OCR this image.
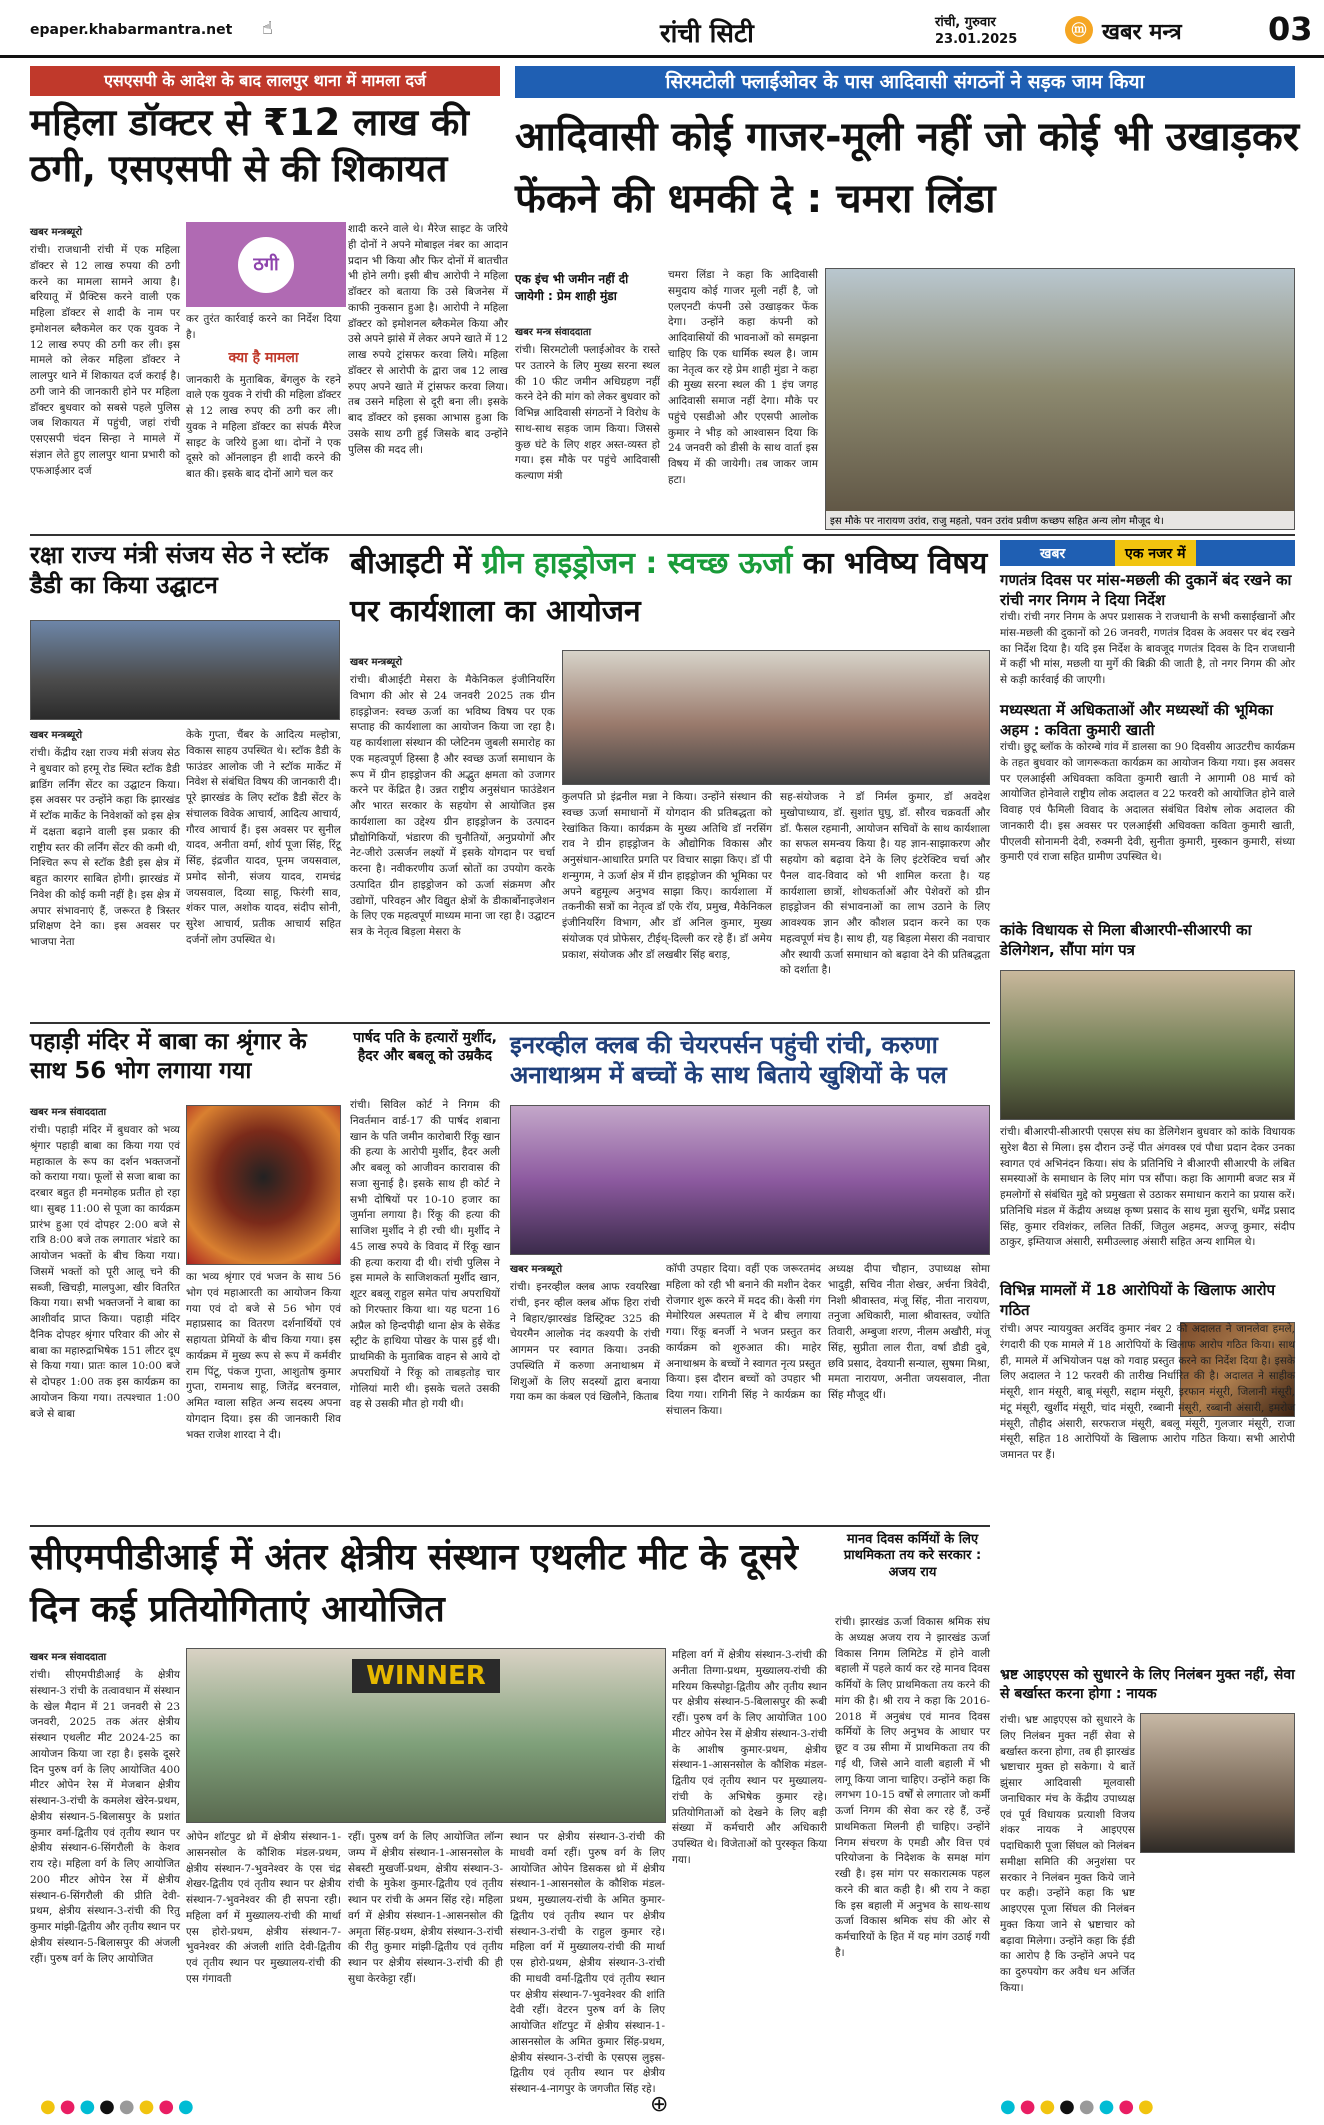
epaper.khabarmantra.net ☝	रांची सिटी	रांची, गुरुवार
23.01.2025
ⓜ खबर मन्त्र	03
एसएसपी के आदेश के बाद लालपुर थाना में मामला दर्ज
महिला डॉक्टर से ₹12 लाख की ठगी, एसएसपी से की शिकायत
खबर मन्त्रब्यूरो

रांची। राजधानी रांची में एक महिला डॉक्टर से 12 लाख रुपया की ठगी करने का मामला सामने आया है। बरियातू में प्रैक्टिस करने वाली एक महिला डॉक्टर से शादी के नाम पर इमोशनल ब्लैकमेल कर एक युवक ने 12 लाख रुपए की ठगी कर ली। इस मामले को लेकर महिला डॉक्टर ने लालपुर थाने में शिकायत दर्ज कराई है। ठगी जाने की जानकारी होने पर महिला डॉक्टर बुधवार को सबसे पहले पुलिस जब शिकायत में पहुंची, जहां रांची एसएसपी चंदन सिन्हा ने मामले में संज्ञान लेते हुए लालपुर थाना प्रभारी को एफआईआर दर्ज

ठगी

कर तुरंत कार्रवाई करने का निर्देश दिया है।

क्या है मामला

जानकारी के मुताबिक, बेंगलुरु के रहने वाले एक युवक ने रांची की महिला डॉक्टर से 12 लाख रुपए की ठगी कर ली। युवक ने महिला डॉक्टर का संपर्क मैरेज साइट के जरिये हुआ था। दोनों ने एक दूसरे को ऑनलाइन ही शादी करने की बात की। इसके बाद दोनों आगे चल कर

शादी करने वाले थे। मैरेज साइट के जरिये ही दोनों ने अपने मोबाइल नंबर का आदान प्रदान भी किया और फिर दोनों में बातचीत भी होने लगी। इसी बीच आरोपी ने महिला डॉक्टर को बताया कि उसे बिजनेस में काफी नुकसान हुआ है। आरोपी ने महिला डॉक्टर को इमोशनल ब्लैकमेल किया और उसे अपने झांसे में लेकर अपने खाते में 12 लाख रुपये ट्रांसफर करवा लिये। महिला डॉक्टर से आरोपी के द्वारा जब 12 लाख रुपए अपने खाते में ट्रांसफर करवा लिया। तब उसने महिला से दूरी बना ली। इसके बाद डॉक्टर को इसका आभास हुआ कि उसके साथ ठगी हुई जिसके बाद उन्होंने पुलिस की मदद ली।

सिरमटोली फ्लाईओवर के पास आदिवासी संगठनों ने सड़क जाम किया
आदिवासी कोई गाजर-मूली नहीं जो कोई भी उखाड़कर फेंकने की धमकी दे : चमरा लिंडा
एक इंच भी जमीन नहीं दी जायेगी : प्रेम शाही मुंडा
खबर मन्त्र संवाददाता

रांची। सिरमटोली फ्लाईओवर के रास्ते पर उतारने के लिए मुख्य सरना स्थल की 10 फीट जमीन अधिग्रहण नहीं करने देने की मांग को लेकर बुधवार को विभिन्न आदिवासी संगठनों ने विरोध के साथ-साथ सड़क जाम किया। जिससे कुछ घंटे के लिए शहर अस्त-व्यस्त हो गया। इस मौके पर पहुंचे आदिवासी कल्याण मंत्री

चमरा लिंडा ने कहा कि आदिवासी समुदाय कोई गाजर मूली नहीं है, जो एलएनटी कंपनी उसे उखाड़कर फेंक देगा। उन्होंने कहा कंपनी को आदिवासियों की भावनाओं को समझना चाहिए कि एक धार्मिक स्थल है। जाम का नेतृत्व कर रहे प्रेम शाही मुंडा ने कहा की मुख्य सरना स्थल की 1 इंच जगह आदिवासी समाज नहीं देगा। मौके पर पहुंचे एसडीओ और एएसपी आलोक कुमार ने भीड़ को आश्वासन दिया कि 24 जनवरी को डीसी के साथ वार्ता इस विषय में की जायेगी। तब जाकर जाम हटा।

इस मौके पर नारायण उरांव, राजु महतो, पवन उरांव प्रवीण कच्छप सहित अन्य लोग मौजूद थे।
रक्षा राज्य मंत्री संजय सेठ ने स्टॉक डैडी का किया उद्घाटन
खबर मन्त्रब्यूरो

रांची। केंद्रीय रक्षा राज्य मंत्री संजय सेठ ने बुधवार को हरमू रोड स्थित स्टॉक डैडी ब्राडिंग लर्निंग सेंटर का उद्घाटन किया। इस अवसर पर उन्होंने कहा कि झारखंड में स्टॉक मार्केट के निवेशकों को इस क्षेत्र में दक्षता बढ़ाने वाली इस प्रकार की राष्ट्रीय स्तर की लर्निंग सेंटर की कमी थी, निश्चित रूप से स्टॉक डैडी इस क्षेत्र में बहुत कारगर साबित होगी। झारखंड में निवेश की कोई कमी नहीं है। इस क्षेत्र में अपार संभावनाएं हैं, जरूरत है त्रिस्तर प्रशिक्षण देने का। इस अवसर पर भाजपा नेता

केके गुप्ता, चैंबर के आदित्य मल्होत्रा, विकास साहय उपस्थित थे। स्टॉक डैडी के फाउंडर आलोक जी ने स्टॉक मार्केट में निवेश से संबंधित विषय की जानकारी दी। पूरे झारखंड के लिए स्टॉक डैडी सेंटर के संचालक विवेक आचार्य, आदित्य आचार्य, गौरव आचार्य हैं। इस अवसर पर सुनील यादव, अनीता वर्मा, शोर्य पूजा सिंह, रिंटू सिंह, इंद्रजीत यादव, पूनम जयसवाल, प्रमोद सोनी, संजय यादव, रामचंद्र जयसवाल, दिव्या साहू, फिरंगी साव, शंकर पाल, अशोक यादव, संदीप सोनी, सुरेश आचार्य, प्रतीक आचार्य सहित दर्जनों लोग उपस्थित थे।

बीआइटी में ग्रीन हाइड्रोजन : स्वच्छ ऊर्जा का भविष्य विषय पर कार्यशाला का आयोजन
खबर मन्त्रब्यूरो

रांची। बीआईटी मेसरा के मैकेनिकल इंजीनियरिंग विभाग की ओर से 24 जनवरी 2025 तक ग्रीन हाइड्रोजन: स्वच्छ ऊर्जा का भविष्य विषय पर एक सप्ताह की कार्यशाला का आयोजन किया जा रहा है। यह कार्यशाला संस्थान की प्लेटिनम जुबली समारोह का एक महत्वपूर्ण हिस्सा है और स्वच्छ ऊर्जा समाधान के रूप में ग्रीन हाइड्रोजन की अद्भुत क्षमता को उजागर करने पर केंद्रित है। उन्नत राष्ट्रीय अनुसंधान फाउंडेशन और भारत सरकार के सहयोग से आयोजित इस कार्यशाला का उद्देश्य ग्रीन हाइड्रोजन के उत्पादन प्रौद्योगिकियों, भंडारण की चुनौतियों, अनुप्रयोगों और नेट-जीरो उत्सर्जन लक्ष्यों में इसके योगदान पर चर्चा करना है। नवीकरणीय ऊर्जा स्रोतों का उपयोग करके उत्पादित ग्रीन हाइड्रोजन को ऊर्जा संक्रमण और उद्योगों, परिवहन और विद्युत क्षेत्रों के डीकार्बोनाइजेशन के लिए एक महत्वपूर्ण माध्यम माना जा रहा है। उद्घाटन सत्र के नेतृत्व बिड़ला मेसरा के

कुलपति प्रो इंद्रनील मन्ना ने किया। उन्होंने संस्थान की स्वच्छ ऊर्जा समाधानों में योगदान की प्रतिबद्धता को रेखांकित किया। कार्यक्रम के मुख्य अतिथि डॉ नरसिंग राव ने ग्रीन हाइड्रोजन के औद्योगिक विकास और अनुसंधान-आधारित प्रगति पर विचार साझा किए। डॉ पी शन्मुगम, ने ऊर्जा क्षेत्र में ग्रीन हाइड्रोजन की भूमिका पर अपने बहुमूल्य अनुभव साझा किए। कार्यशाला में तकनीकी सत्रों का नेतृत्व डॉ एके रॉय, प्रमुख, मैकेनिकल इंजीनियरिंग विभाग, और डॉ अनिल कुमार, मुख्य संयोजक एवं प्रोफेसर, टीईथ्-दिल्ली कर रहे हैं। डॉ अमेय प्रकाश, संयोजक और डॉ लखबीर सिंह बराड़,

सह-संयोजक ने डॉ निर्मल कुमार, डॉ अवदेश मुखोपाध्याय, डॉ. सुशांत घुघु, डॉ. सौरव चक्रवर्ती और डॉ. फैसल रहमानी, आयोजन सचिवों के साथ कार्यशाला का सफल समन्वय किया है। यह ज्ञान-साझाकरण और सहयोग को बढ़ावा देने के लिए इंटरेक्टिव चर्चा और पैनल वाद-विवाद को भी शामिल करता है। यह कार्यशाला छात्रों, शोधकर्ताओं और पेशेवरों को ग्रीन हाइड्रोजन की संभावनाओं का लाभ उठाने के लिए आवश्यक ज्ञान और कौशल प्रदान करने का एक महत्वपूर्ण मंच है। साथ ही, यह बिड़ला मेसरा की नवाचार और स्थायी ऊर्जा समाधान को बढ़ावा देने की प्रतिबद्धता को दर्शाता है।

खबर	एक नजर में
गणतंत्र दिवस पर मांस-मछली की दुकानें बंद रखने का रांची नगर निगम ने दिया निर्देश
रांची। रांची नगर निगम के अपर प्रशासक ने राजधानी के सभी कसाईखानों और मांस-मछली की दुकानों को 26 जनवरी, गणतंत्र दिवस के अवसर पर बंद रखने का निर्देश दिया है। यदि इस निर्देश के बावजूद गणतंत्र दिवस के दिन राजधानी में कहीं भी मांस, मछली या मुर्गे की बिक्री की जाती है, तो नगर निगम की ओर से कड़ी कार्रवाई की जाएगी।
मध्यस्थता में अधिकताओं और मध्यस्थों की भूमिका अहम : कविता कुमारी खाती
रांची। छुटू ब्लॉक के कोरम्बे गांव में डालसा का 90 दिवसीय आउटरीच कार्यक्रम के तहत बुधवार को जागरूकता कार्यक्रम का आयोजन किया गया। इस अवसर पर एलआईसी अधिवक्ता कविता कुमारी खाती ने आगामी 08 मार्च को आयोजित होनेवाले राष्ट्रीय लोक अदालत व 22 फरवरी को आयोजित होने वाले विवाह एवं फैमिली विवाद के अदालत संबंधित विशेष लोक अदालत की जानकारी दी। इस अवसर पर एलआईसी अधिवक्ता कविता कुमारी खाती, पीएलवी सोनामनी देवी, रुक्मनी देवी, सुनीता कुमारी, मुस्कान कुमारी, संध्या कुमारी एवं राजा सहित ग्रामीण उपस्थित थे।
कांके विधायक से मिला बीआरपी-सीआरपी का डेलिगेशन, सौंपा मांग पत्र
रांची। बीआरपी-सीआरपी एसएस संघ का डेलिगेशन बुधवार को कांके विधायक सुरेश बैठा से मिला। इस दौरान उन्हें पीत अंगवस्त्र एवं पौधा प्रदान देकर उनका स्वागत एवं अभिनंदन किया। संघ के प्रतिनिधि ने बीआरपी सीआरपी के लंबित समस्याओं के समाधान के लिए मांग पत्र सौंपा। कहा कि आगामी बजट सत्र में हमलोगों से संबंधित मुद्दे को प्रमुखता से उठाकर समाधान कराने का प्रयास करें। प्रतिनिधि मंडल में केंद्रीय अध्यक्ष कृष्ण प्रसाद के साथ मुन्ना सुरभि, धर्मेंद्र प्रसाद सिंह, कुमार रविशंकर, ललित तिर्की, जितुल अहमद, अज्जू कुमार, संदीप ठाकुर, इम्तियाज अंसारी, समीउल्लाह अंसारी सहित अन्य शामिल थे।
विभिन्न मामलों में 18 आरोपियों के खिलाफ आरोप गठित
रांची। अपर न्याययुक्त अरविंद कुमार नंबर 2 की अदालत ने जानलेवा हमले, रंगदारी की एक मामले में 18 आरोपियों के खिलाफ आरोप गठित किया। साथ ही, मामले में अभियोजन पक्ष को गवाह प्रस्तुत करने का निर्देश दिया है। इसके लिए अदालत ने 12 फरवरी की तारीख निर्धारित की है। अदालत ने साहीक मंसूरी, शान मंसूरी, बाबू मंसूरी, सद्दाम मंसूरी, इरफान मंसूरी, जिलानी मंसूरी, मंटू मंसूरी, खुर्शीद मंसूरी, चांद मंसूरी, रब्बानी मंसूरी, रब्बानी अंसारी, इमरोज मंसूरी, तौहीद अंसारी, सरफराज मंसूरी, बबलू मंसूरी, गुलजार मंसूरी, राजा मंसूरी, सहित 18 आरोपियों के खिलाफ आरोप गठित किया। सभी आरोपी जमानत पर हैं।
भ्रष्ट आइएएस को सुधारने के लिए निलंबन मुक्त नहीं, सेवा से बर्खास्त करना होगा : नायक
रांची। भ्रष्ट आइएएस को सुधारने के लिए निलंबन मुक्त नहीं सेवा से बर्खास्त करना होगा, तब ही झारखंड भ्रष्टाचार मुक्त हो सकेगा। ये बातें झुंसार आदिवासी मूलवासी जनाधिकार मंच के केंद्रीय उपाध्यक्ष एवं पूर्व विधायक प्रत्याशी विजय शंकर नायक ने आइएएस पदाधिकारी पूजा सिंघल को निलंबन समीक्षा समिति की अनुशंसा पर सरकार ने निलंबन मुक्त किये जाने पर कही। उन्होंने कहा कि भ्रष्ट आइएएस पूजा सिंघल की निलंबन मुक्त किया जाने से भ्रष्टाचार को बढ़ावा मिलेगा। उन्होंने कहा कि ईडी का आरोप है कि उन्होंने अपने पद का दुरुपयोग कर अवैध धन अर्जित किया।
पहाड़ी मंदिर में बाबा का श्रृंगार के साथ 56 भोग लगाया गया
खबर मन्त्र संवाददाता

रांची। पहाड़ी मंदिर में बुधवार को भव्य श्रृंगार पहाड़ी बाबा का किया गया एवं महाकाल के रूप का दर्शन भक्तजनों को कराया गया। फूलों से सजा बाबा का दरबार बहुत ही मनमोहक प्रतीत हो रहा था। सुबह 11:00 से पूजा का कार्यक्रम प्रारंभ हुआ एवं दोपहर 2:00 बजे से रात्रि 8:00 बजे तक लगातार भंडारे का आयोजन भक्तों के बीच किया गया। जिसमें भक्तों को पूरी आलू चने की सब्जी, खिचड़ी, मालपुआ, खीर वितरित किया गया। सभी भक्तजनों ने बाबा का आशीर्वाद प्राप्त किया। पहाड़ी मंदिर दैनिक दोपहर श्रृंगार परिवार की ओर से बाबा का महारुद्राभिषेक 151 लीटर दूध से किया गया। प्रातः काल 10:00 बजे से दोपहर 1:00 तक इस कार्यक्रम का आयोजन किया गया। तत्पश्चात 1:00 बजे से बाबा

का भव्य श्रृंगार एवं भजन के साथ 56 भोग एवं महाआरती का आयोजन किया गया एवं दो बजे से 56 भोग एवं महाप्रसाद का वितरण दर्शनार्थियों एवं सहायता प्रेमियों के बीच किया गया। इस कार्यक्रम में मुख्य रूप से रूप में कर्मवीर राम पिंटू, पंकज गुप्ता, आशुतोष कुमार गुप्ता, रामनाथ साहू, जितेंद्र बरनवाल, अमित ग्वाला सहित अन्य सदस्य अपना योगदान दिया। इस की जानकारी शिव भक्त राजेश शारदा ने दी।

पार्षद पति के हत्यारों मुर्शीद, हैदर और बबलू को उम्रकैद
रांची। सिविल कोर्ट ने निगम की निवर्तमान वार्ड-17 की पार्षद शबाना खान के पति जमीन कारोबारी रिंकू खान की हत्या के आरोपी मुर्शीद, हैदर अली और बबलू को आजीवन कारावास की सजा सुनाई है। इसके साथ ही कोर्ट ने सभी दोषियों पर 10-10 हजार का जुर्माना लगाया है। रिंकू की हत्या की साजिश मुर्शीद ने ही रची थी। मुर्शीद ने 45 लाख रुपये के विवाद में रिंकू खान की हत्या कराया दी थी। रांची पुलिस ने इस मामले के साजिशकर्ता मुर्शीद खान, शूटर बबलू राहुल समेत पांच अपराधियों को गिरफ्तार किया था। यह घटना 16 अप्रैल को हिन्दपीढ़ी थाना क्षेत्र के सेकेंड स्ट्रीट के हाथिया पोखर के पास हुई थी। प्राथमिकी के मुताबिक वाहन से आये दो अपराधियों ने रिंकू को ताबड़तोड़ चार गोलियां मारी थी। इसके चलते उसकी वह से उसकी मौत हो गयी थी।
इनरव्हील क्लब की चेयरपर्सन पहुंची रांची, करुणा अनाथाश्रम में बच्चों के साथ बिताये खुशियों के पल
खबर मन्त्रब्यूरो

रांची। इनरव्हील क्लब आफ रवयरिखा रांची, इनर व्हील क्लब ऑफ हिरा रांची ने बिहार/झारखंड डिस्ट्रिक्ट 325 की चेयरमैन आलोक नंद कश्यपी के रांची आगमन पर स्वागत किया। उनकी उपस्थिति में करुणा अनाथाश्रम में शिशुओं के लिए सदस्यों द्वारा बनाया गया कम का कंबल एवं खिलौने, किताब

कॉपी उपहार दिया। वहीं एक जरूरतमंद महिला को रही भी बनाने की मशीन देकर रोजगार शुरू करने में मदद की। केसी गंग मेमोरियल अस्पताल में दे बीच लगाया गया। रिंकू बनर्जी ने भजन प्रस्तुत कर कार्यक्रम को शुरुआत की। माहेर अनाथाश्रम के बच्चों ने स्वागत नृत्य प्रस्तुत किया। इस दौरान बच्चों को उपहार भी दिया गया। रागिनी सिंह ने कार्यक्रम का संचालन किया।

अध्यक्ष दीपा चौहान, उपाध्यक्ष सोमा भादुड़ी, सचिव नीता शेखर, अर्चना त्रिवेदी, निशी श्रीवास्तव, मंजू सिंह, नीता नारायण, तनुजा अधिकारी, माला श्रीवास्तव, ज्योति तिवारी, अम्बुजा शरण, नीलम अखौरी, मंजू सिंह, सुप्रीता लाल रीता, वर्षा डौडी दुबे, छवि प्रसाद, देवयानी सन्याल, सुषमा मिश्रा, ममता नारायण, अनीता जयसवाल, नीता सिंह मौजूद थीं।

सीएमपीडीआई में अंतर क्षेत्रीय संस्थान एथलीट मीट के दूसरे दिन कई प्रतियोगिताएं आयोजित
खबर मन्त्र संवाददाता

रांची। सीएमपीडीआई के क्षेत्रीय संस्थान-3 रांची के तत्वावधान में संस्थान के खेल मैदान में 21 जनवरी से 23 जनवरी, 2025 तक अंतर क्षेत्रीय संस्थान एथलीट मीट 2024-25 का आयोजन किया जा रहा है। इसके दूसरे दिन पुरुष वर्ग के लिए आयोजित 400 मीटर ओपेन रेस में मेजबान क्षेत्रीय संस्थान-3-रांची के कमलेश खेरेन-प्रथम, क्षेत्रीय संस्थान-5-बिलासपुर के प्रशांत कुमार वर्मा-द्वितीय एवं तृतीय स्थान पर क्षेत्रीय संस्थान-6-सिंगरौली के केशव राय रहे। महिला वर्ग के लिए आयोजित 200 मीटर ओपेन रेस में क्षेत्रीय संस्थान-6-सिंगरौली की प्रीति देवी-प्रथम, क्षेत्रीय संस्थान-3-रांची की रितु कुमार मांझी-द्वितीय और तृतीय स्थान पर क्षेत्रीय संस्थान-5-बिलासपुर की अंजली रहीं। पुरुष वर्ग के लिए आयोजित

WINNER

ओपेन शॉटपुट थ्रो में क्षेत्रीय संस्थान-1-आसनसोल के कौशिक मंडल-प्रथम, क्षेत्रीय संस्थान-7-भुवनेश्वर के एस चंद्र शेखर-द्वितीय एवं तृतीय स्थान पर क्षेत्रीय संस्थान-7-भुवनेश्वर की ही सपना रही। महिला वर्ग में मुख्यालय-रांची की मार्था एस होरो-प्रथम, क्षेत्रीय संस्थान-7-भुवनेश्वर की अंजली शांति देवी-द्वितीय एवं तृतीय स्थान पर मुख्यालय-रांची की एस गंगावती

रहीं। पुरुष वर्ग के लिए आयोजित लॉन्ग जम्प में क्षेत्रीय संस्थान-1-आसनसोल के सेबस्टी मुखर्जी-प्रथम, क्षेत्रीय संस्थान-3-रांची के मुकेश कुमार-द्वितीय एवं तृतीय स्थान पर रांची के अमन सिंह रहे। महिला वर्ग में क्षेत्रीय संस्थान-1-आसनसोल की अमृता सिंह-प्रथम, क्षेत्रीय संस्थान-3-रांची की रीतु कुमार मांझी-द्वितीय एवं तृतीय स्थान पर क्षेत्रीय संस्थान-3-रांची की ही सुधा केरकेट्टा रहीं।

स्थान पर क्षेत्रीय संस्थान-3-रांची की माधवी वर्मा रहीं। पुरुष वर्ग के लिए आयोजित ओपेन डिसकस थ्रो में क्षेत्रीय संस्थान-1-आसनसोल के कौशिक मंडल-प्रथम, मुख्यालय-रांची के अमित कुमार-द्वितीय एवं तृतीय स्थान पर क्षेत्रीय संस्थान-3-रांची के राहुल कुमार रहे। महिला वर्ग में मुख्यालय-रांची की मार्था एस होरो-प्रथम, क्षेत्रीय संस्थान-3-रांची की माधवी वर्मा-द्वितीय एवं तृतीय स्थान पर क्षेत्रीय संस्थान-7-भुवनेश्वर की शांति देवी रहीं। वेटरन पुरुष वर्ग के लिए आयोजित शॉटपुट में क्षेत्रीय संस्थान-1-आसनसोल के अमित कुमार सिंह-प्रथम, क्षेत्रीय संस्थान-3-रांची के एसएस लुइस-द्वितीय एवं तृतीय स्थान पर क्षेत्रीय संस्थान-4-नागपुर के जगजीत सिंह रहे।

महिला वर्ग में क्षेत्रीय संस्थान-3-रांची की अनीता तिग्गा-प्रथम, मुख्यालय-रांची की मरियम किस्पोट्टा-द्वितीय और तृतीय स्थान पर क्षेत्रीय संस्थान-5-बिलासपुर की रूबी रहीं। पुरुष वर्ग के लिए आयोजित 100 मीटर ओपेन रेस में क्षेत्रीय संस्थान-3-रांची के आशीष कुमार-प्रथम, क्षेत्रीय संस्थान-1-आसनसोल के कौशिक मंडल-द्वितीय एवं तृतीय स्थान पर मुख्यालय-रांची के अभिषेक कुमार रहे। प्रतियोगिताओं को देखने के लिए बड़ी संख्या में कर्मचारी और अधिकारी उपस्थित थे। विजेताओं को पुरस्कृत किया गया।

मानव दिवस कर्मियों के लिए प्राथमिकता तय करे सरकार : अजय राय
रांची। झारखंड ऊर्जा विकास श्रमिक संघ के अध्यक्ष अजय राय ने झारखंड ऊर्जा विकास निगम लिमिटेड में होने वाली बहाली में पहले कार्य कर रहे मानव दिवस कर्मियों के लिए प्राथमिकता तय करने की मांग की है। श्री राय ने कहा कि 2016-2018 में अनुबंध एवं मानव दिवस कर्मियों के लिए अनुभव के आधार पर छूट व उम्र सीमा में प्राथमिकता तय की गई थी, जिसे आने वाली बहाली में भी लागू किया जाना चाहिए। उन्होंने कहा कि लगभग 10-15 वर्षों से लगातार जो कर्मी ऊर्जा निगम की सेवा कर रहे हैं, उन्हें प्राथमिकता मिलनी ही चाहिए। उन्होंने निगम संचरण के एमडी और वित्त एवं परियोजना के निदेशक के समक्ष मांग रखी है। इस मांग पर सकारात्मक पहल करने की बात कही है। श्री राय ने कहा कि इस बहाली में अनुभव के साथ-साथ ऊर्जा विकास श्रमिक संघ की ओर से कर्मचारियों के हित में यह मांग उठाई गयी है।
⊕
●●●●●●●●	●●●●●●●●
